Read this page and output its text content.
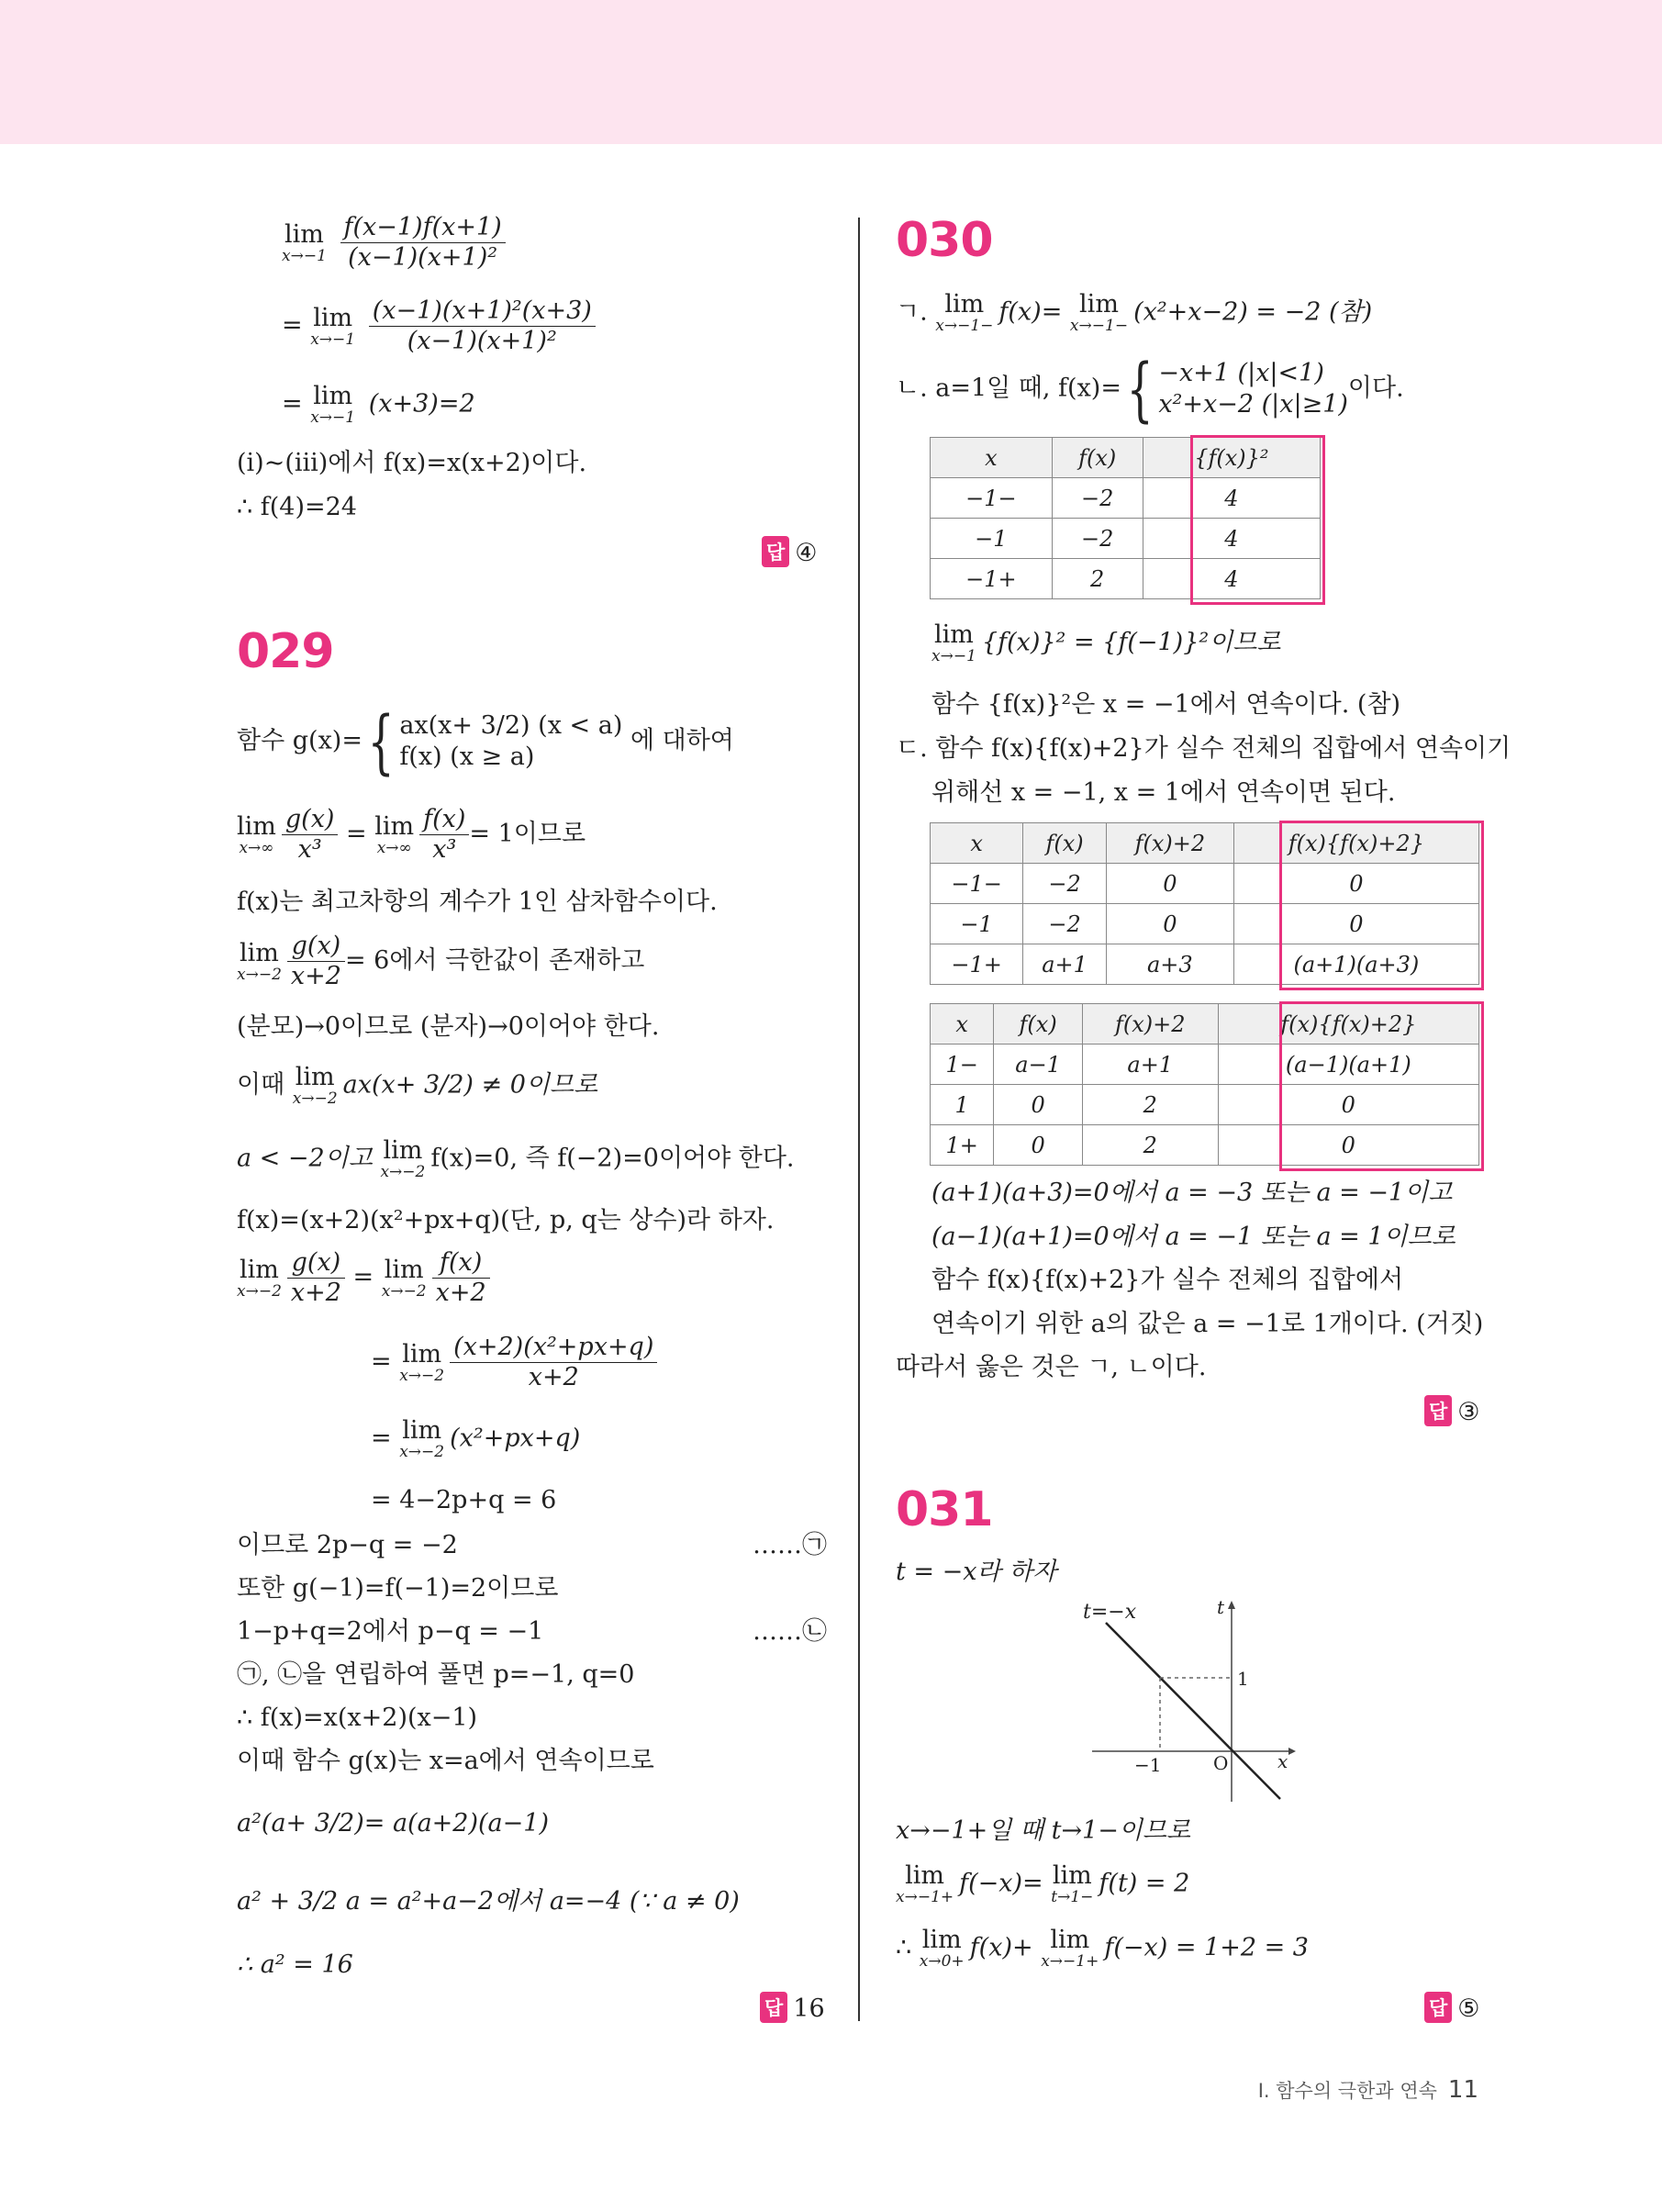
lim
x→−1
$\frac{f(x-1)f(x+1)}{\text{(x−1)(x+1)²}}$
= lim
x→−1
$\frac{\text{(x−1)(x+1)²(x+3)}}{\text{(x−1)(x+1)²}}$
= lim
x→−1 (x+3)=2
(ⅰ)~(ⅲ)에서 f(x)=x(x+2)이다.
∴ f(4)=24
답 ④
029
함수 g(x)={ ax(x+ 3/2) (x < a)
f(x) (x ≥ a)
에 대하여
lim
$x\to\infty \frac{g(x)}{\text{x³}} = \lim$
$x\to\infty \frac{f(x)}{\text{x³}} = 1$이므로
f(x)는 최고차항의 계수가 1인 삼차함수이다.
lim
$x\to-2 \frac{g(x)}{x+2} = 6$에서 극한값이 존재하고
(분모)→0이므로 (분자)→0이어야 한다.
이때 lim
x→−2 ax(x+ 3/2) ≠ 0이므로
a < −2이고 lim
x→−2 f(x)=0, 즉 f(−2)=0이어야 한다.
f(x)=(x+2)(x²+px+q)(단, p, q는 상수)라 하자.
lim
$x\to-2 \frac{g(x)}{x+2} = \lim$
$x\to-2 \frac{f(x)}{x+2}$
= lim
$x\to-2 \frac{\text{(x+2)(x²+px+q)}}{x+2}$
= lim
x→−2 (x²+px+q)
= 4−2p+q = 6
이므로 2p−q = −2	……㉠
또한 g(−1)=f(−1)=2이므로
1−p+q=2에서 p−q = −1	……㉡
㉠, ㉡을 연립하여 풀면 p=−1, q=0
∴ f(x)=x(x+2)(x−1)
이때 함수 g(x)는 x=a에서 연속이므로
a²(a+ 3/2)= a(a+2)(a−1)
a² + 3/2 a = a²+a−2에서 a=−4 (∵ a ≠ 0)
∴ a² = 16
답 16
030
ㄱ. lim
x→−1− f(x)= lim
x→−1− (x²+x−2) = −2 (참)
ㄴ. a=1일 때, f(x)={ −x+1 (|x|<1)
x²+x−2 (|x|≥1)
이다.
x	f(x)	{f(x)}²
−1−	−2	4
−1	−2	4
−1+	2	4
lim
x→−1 {f(x)}² = {f(−1)}²이므로
함수 {f(x)}²은 x = −1에서 연속이다. (참)
ㄷ. 함수 f(x){f(x)+2}가 실수 전체의 집합에서 연속이기
위해선 x = −1, x = 1에서 연속이면 된다.
x	f(x)	f(x)+2	f(x){f(x)+2}
−1−	−2	0	0
−1	−2	0	0
−1+	a+1	a+3	(a+1)(a+3)
x	f(x)	f(x)+2	f(x){f(x)+2}
1−	a−1	a+1	(a−1)(a+1)
1	0	2	0
1+	0	2	0
(a+1)(a+3)=0에서 a = −3 또는 a = −1이고
(a−1)(a+1)=0에서 a = −1 또는 a = 1이므로
함수 f(x){f(x)+2}가 실수 전체의 집합에서
연속이기 위한 a의 값은 a = −1로 1개이다. (거짓)
따라서 옳은 것은 ㄱ, ㄴ이다.
답 ③
031
t = −x라 하자
t=−x	t
x
1
−1	O
x→−1+일 때 t→1−이므로
lim
x→−1+ f(−x)= lim
t→1− f(t) = 2
∴ lim
x→0+ f(x)+ lim
x→−1+ f(−x) = 1+2 = 3
답 ⑤
Ⅰ. 함수의 극한과 연속 11
